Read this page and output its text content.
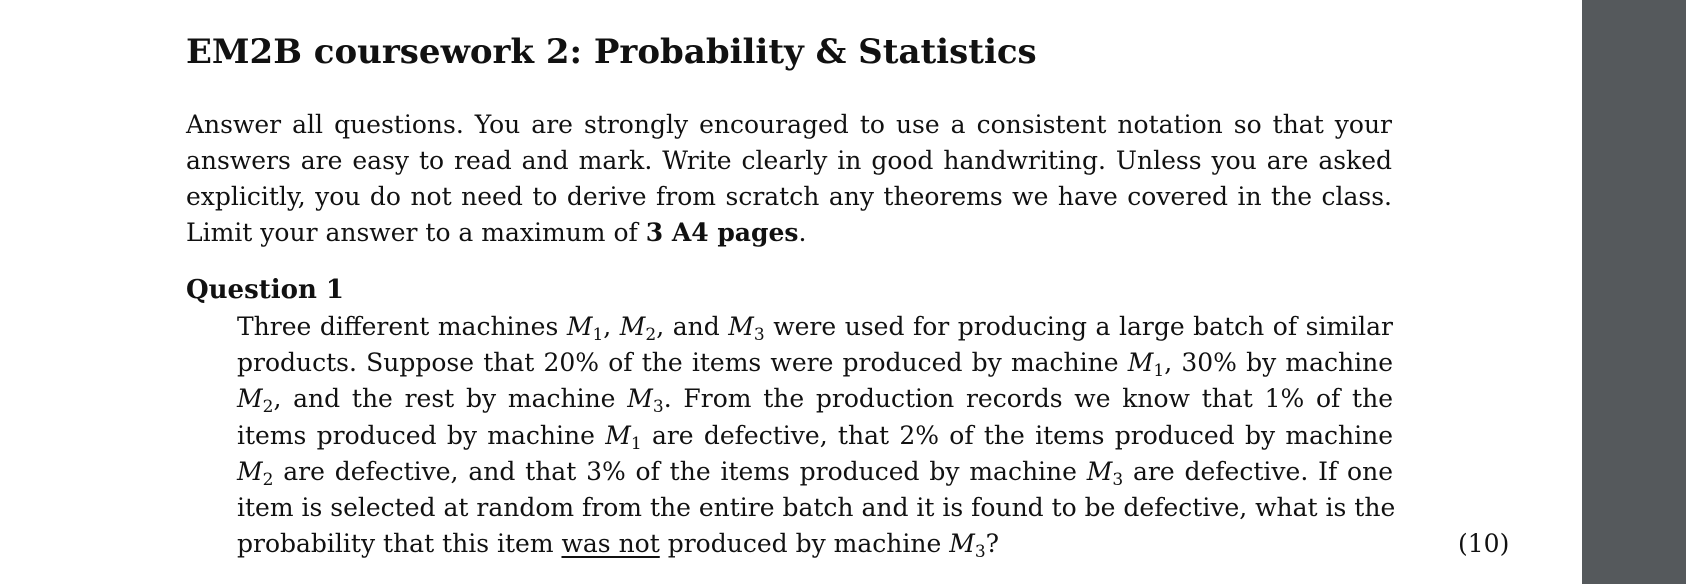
EM2B coursework 2: Probability & Statistics
Answer all questions. You are strongly encouraged to use a consistent notation so that your
answers are easy to read and mark. Write clearly in good handwriting. Unless you are asked
explicitly, you do not need to derive from scratch any theorems we have covered in the class.
Limit your answer to a maximum of 3 A4 pages.
Question 1
Three different machines $M_1$, $M_2$, and $M_3$ were used for producing a large batch of similar
products. Suppose that 20% of the items were produced by machine $M_1$, 30% by machine
$M_2$, and the rest by machine $M_3$. From the production records we know that 1% of the
items produced by machine $M_1$ are defective, that 2% of the items produced by machine
$M_2$ are defective, and that 3% of the items produced by machine $M_3$ are defective. If one
item is selected at random from the entire batch and it is found to be defective, what is the
probability that this item was not produced by machine $M_3$?	(10)
